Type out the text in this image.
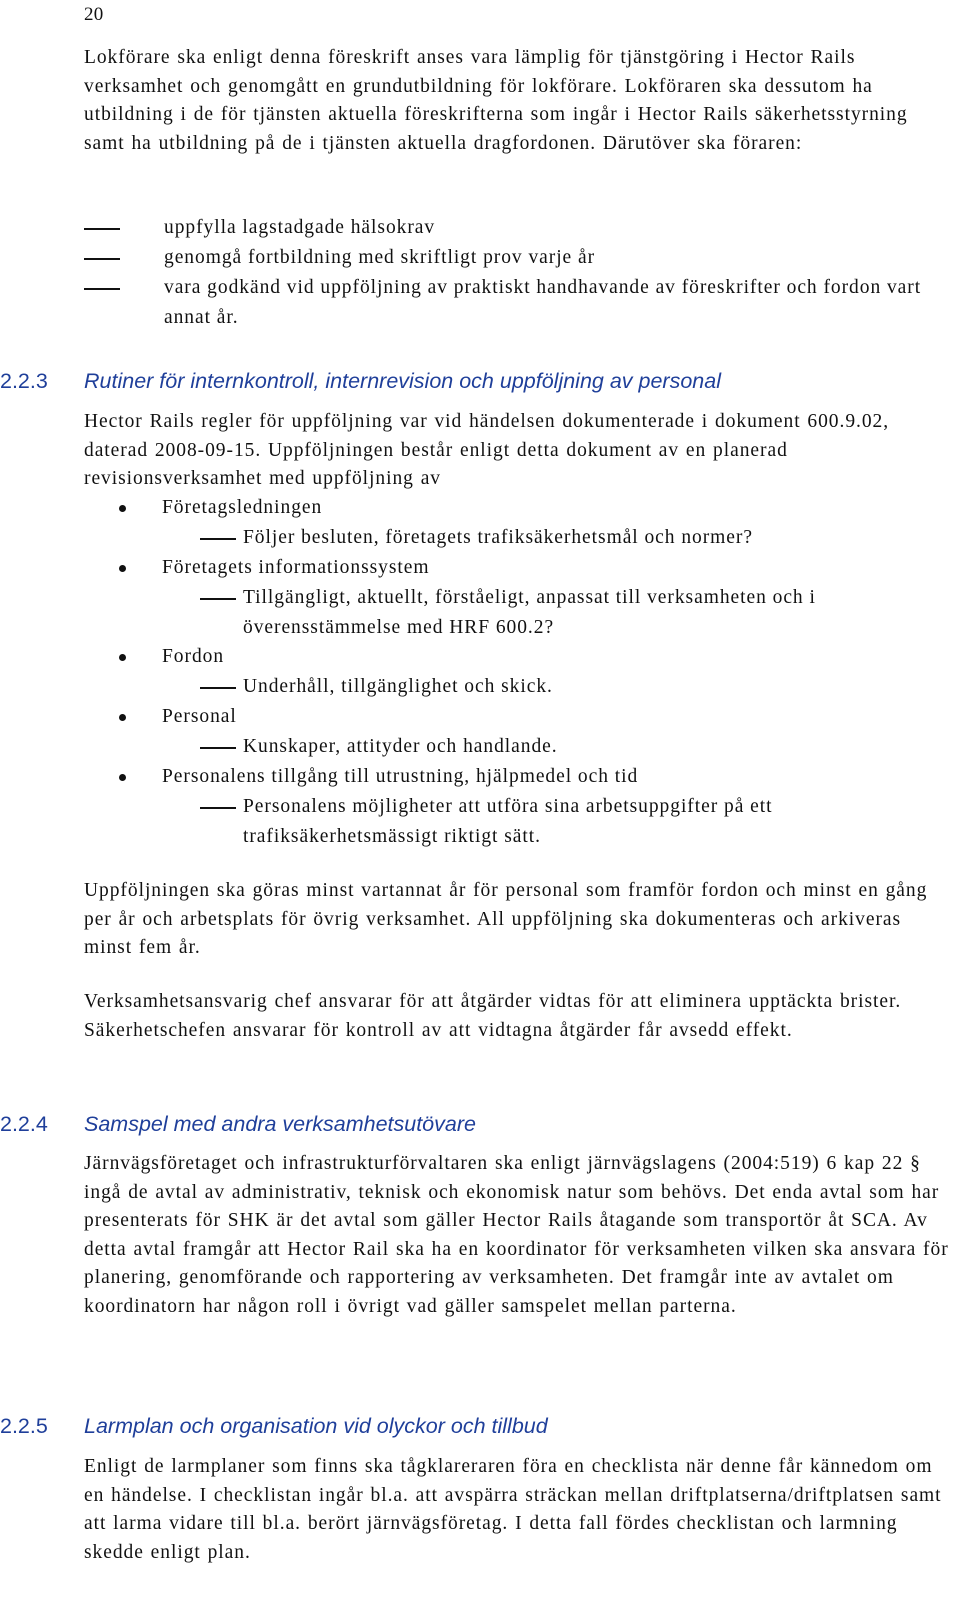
20

Lokförare ska enligt denna föreskrift anses vara lämplig för tjänstgöring i Hector Rails verksamhet och genomgått en grundutbildning för lokförare. Lokföraren ska dessutom ha utbildning i de för tjänsten aktuella föreskrifterna som ingår i Hector Rails säkerhetsstyrning samt ha utbildning på de i tjänsten aktuella dragfordonen. Därutöver ska föraren:

uppfylla lagstadgade hälsokrav
genomgå fortbildning med skriftligt prov varje år
vara godkänd vid uppföljning av praktiskt handhavande av föreskrifter och fordon vart annat år.
2.2.3 Rutiner för internkontroll, internrevision och uppföljning av personal

Hector Rails regler för uppföljning var vid händelsen dokumenterade i dokument 600.9.02, daterad 2008-09-15. Uppföljningen består enligt detta dokument av en planerad revisionsverksamhet med uppföljning av

Företagsledningen
Följer besluten, företagets trafiksäkerhetsmål och normer?
Företagets informationssystem
Tillgängligt, aktuellt, förståeligt, anpassat till verksamheten och i överensstämmelse med HRF 600.2?
Fordon
Underhåll, tillgänglighet och skick.
Personal
Kunskaper, attityder och handlande.
Personalens tillgång till utrustning, hjälpmedel och tid
Personalens möjligheter att utföra sina arbetsuppgifter på ett trafiksäkerhetsmässigt riktigt sätt.

Uppföljningen ska göras minst vartannat år för personal som framför fordon och minst en gång per år och arbetsplats för övrig verksamhet. All uppföljning ska dokumenteras och arkiveras minst fem år.

Verksamhetsansvarig chef ansvarar för att åtgärder vidtas för att eliminera upptäckta brister. Säkerhetschefen ansvarar för kontroll av att vidtagna åtgärder får avsedd effekt.

2.2.4 Samspel med andra verksamhetsutövare

Järnvägsföretaget och infrastrukturförvaltaren ska enligt järnvägslagens (2004:519) 6 kap 22 § ingå de avtal av administrativ, teknisk och ekonomisk natur som behövs. Det enda avtal som har presenterats för SHK är det avtal som gäller Hector Rails åtagande som transportör åt SCA. Av detta avtal framgår att Hector Rail ska ha en koordinator för verksamheten vilken ska ansvara för planering, genomförande och rapportering av verksamheten. Det framgår inte av avtalet om koordinatorn har någon roll i övrigt vad gäller samspelet mellan parterna.

2.2.5 Larmplan och organisation vid olyckor och tillbud

Enligt de larmplaner som finns ska tågklareraren föra en checklista när denne får kännedom om en händelse. I checklistan ingår bl.a. att avspärra sträckan mellan driftplatserna/driftplatsen samt att larma vidare till bl.a. berört järnvägsföretag. I detta fall fördes checklistan och larmning skedde enligt plan.
